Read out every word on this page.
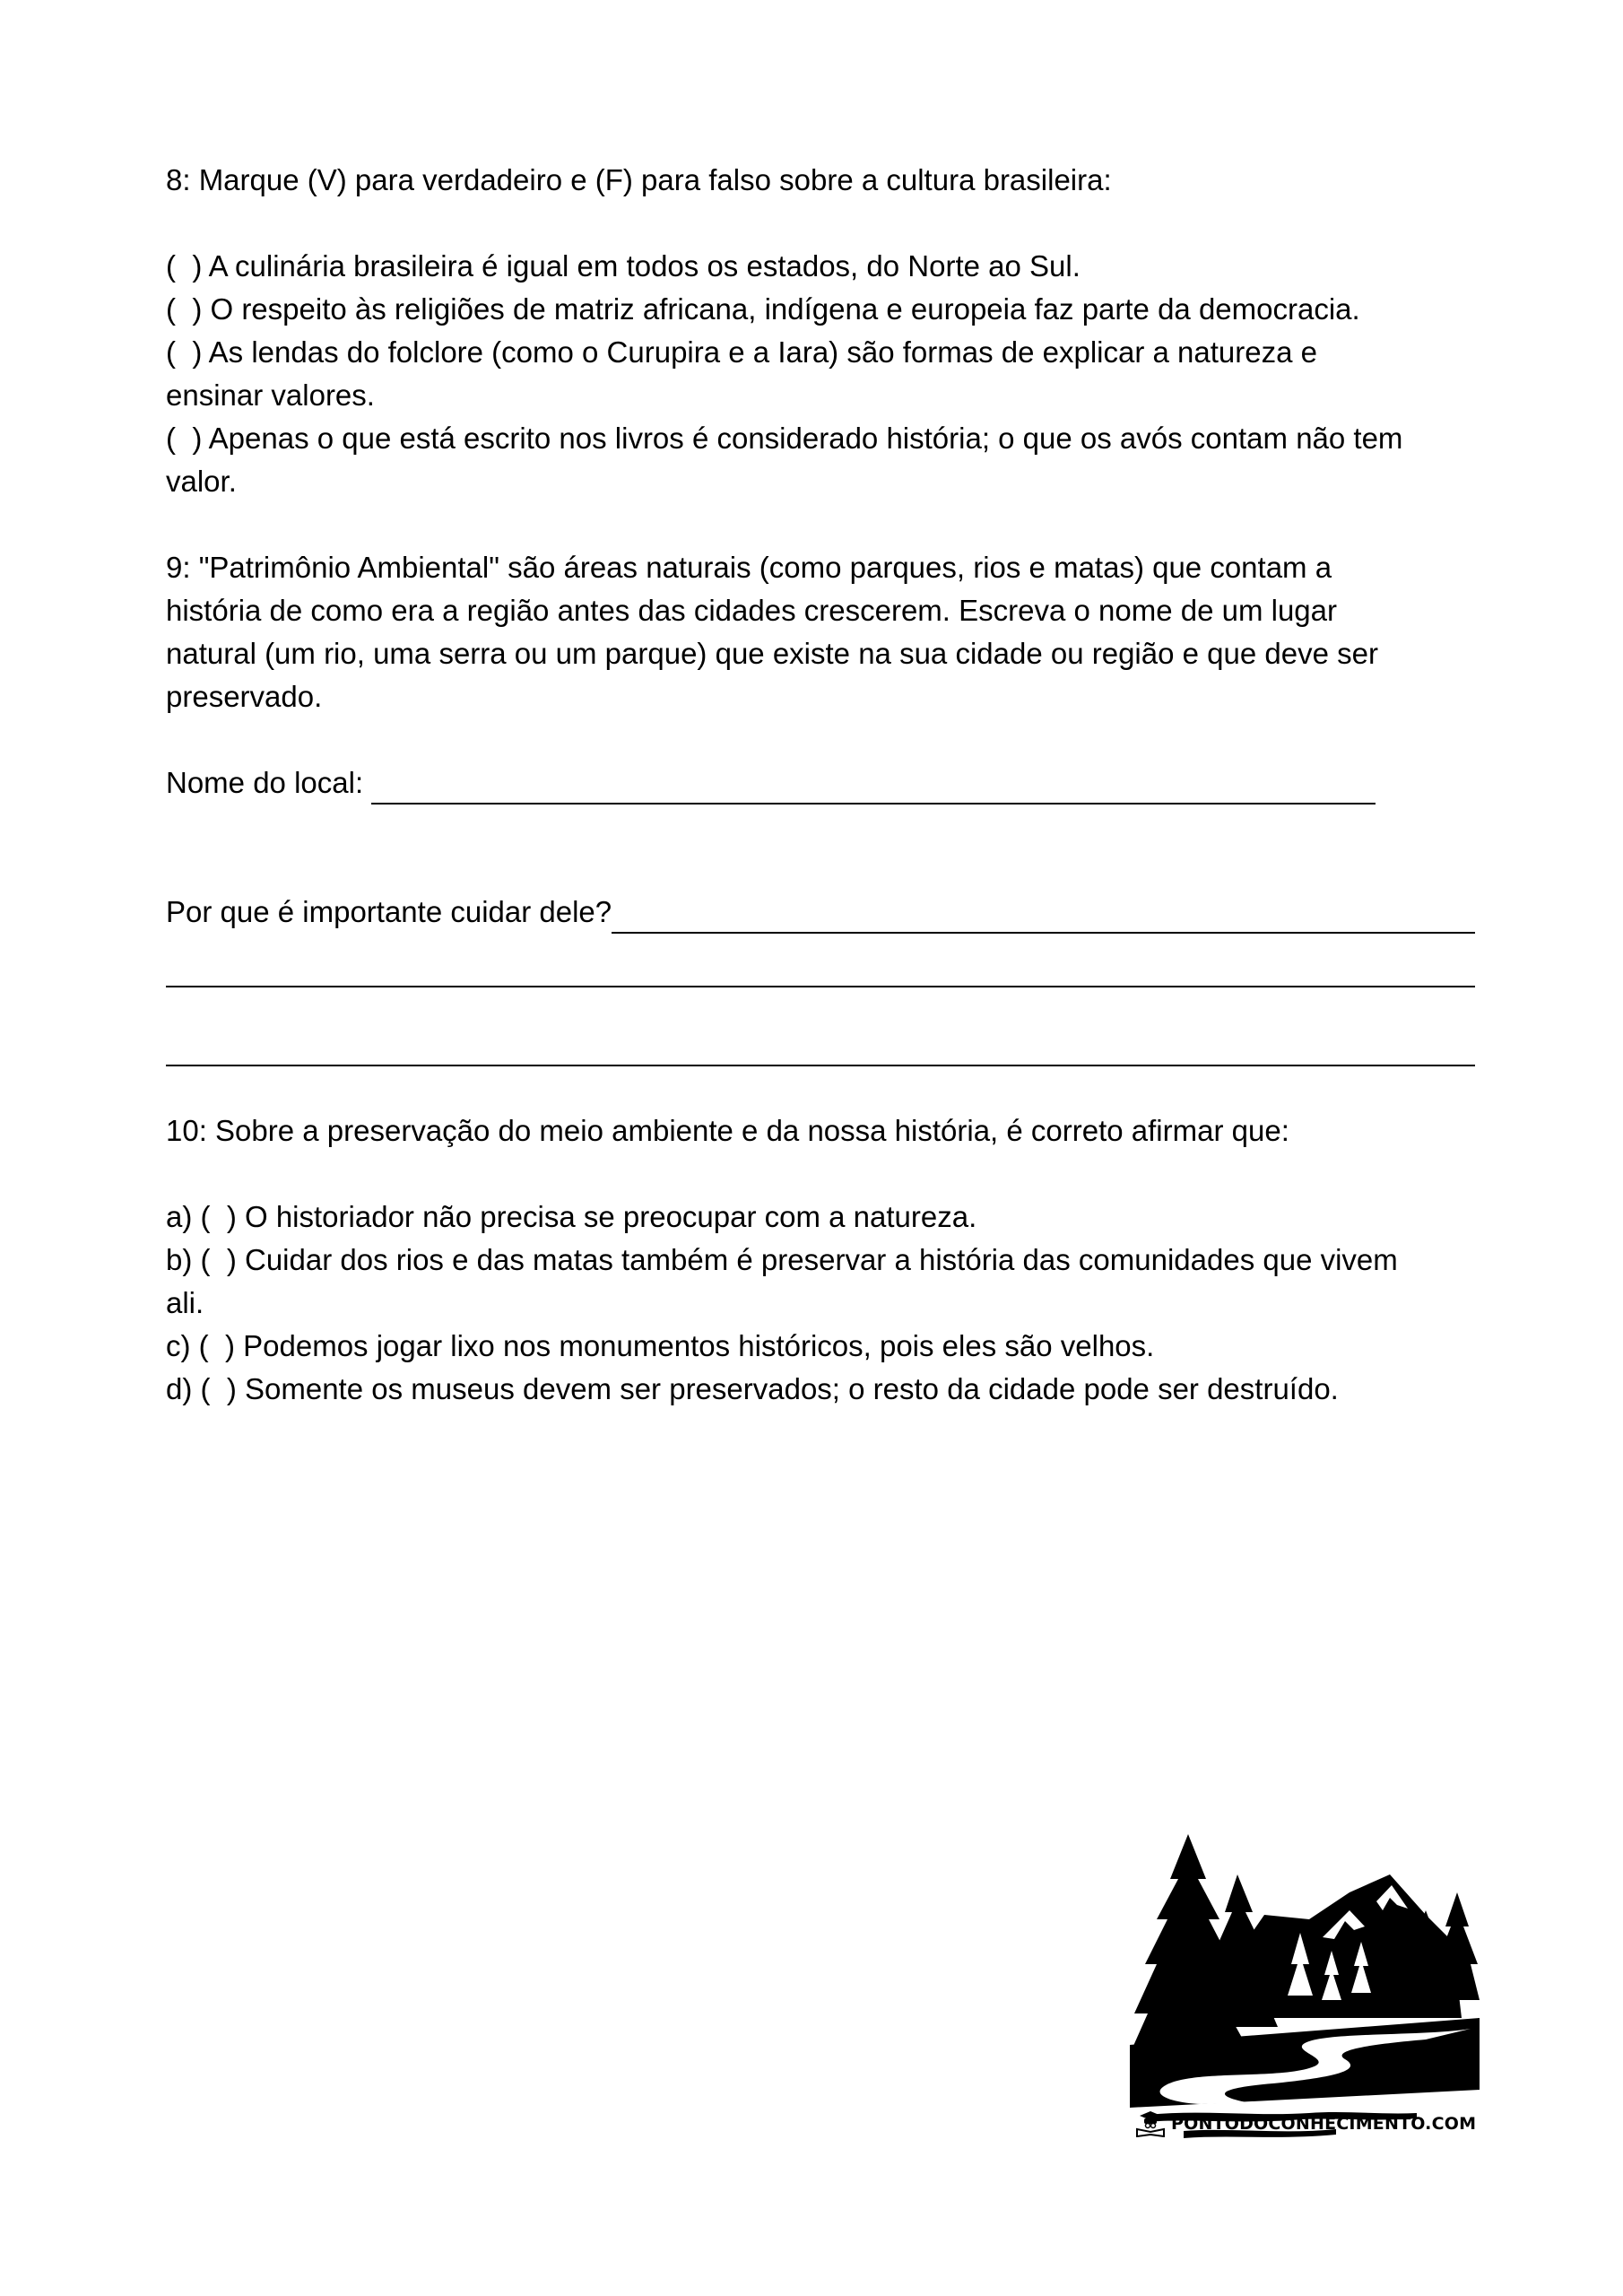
8: Marque (V) para verdadeiro e (F) para falso sobre a cultura brasileira:
(  ) A culinária brasileira é igual em todos os estados, do Norte ao Sul.
(  ) O respeito às religiões de matriz africana, indígena e europeia faz parte da democracia.
(  ) As lendas do folclore (como o Curupira e a Iara) são formas de explicar a natureza e
ensinar valores.
(  ) Apenas o que está escrito nos livros é considerado história; o que os avós contam não tem
valor.
9: "Patrimônio Ambiental" são áreas naturais (como parques, rios e matas) que contam a
história de como era a região antes das cidades crescerem. Escreva o nome de um lugar
natural (um rio, uma serra ou um parque) que existe na sua cidade ou região e que deve ser
preservado.
Nome do local:
Por que é importante cuidar dele?
10: Sobre a preservação do meio ambiente e da nossa história, é correto afirmar que:
a) (  ) O historiador não precisa se preocupar com a natureza.
b) (  ) Cuidar dos rios e das matas também é preservar a história das comunidades que vivem
ali.
c) (  ) Podemos jogar lixo nos monumentos históricos, pois eles são velhos.
d) (  ) Somente os museus devem ser preservados; o resto da cidade pode ser destruído.
PONTODOCONHECIMENTO.COM
